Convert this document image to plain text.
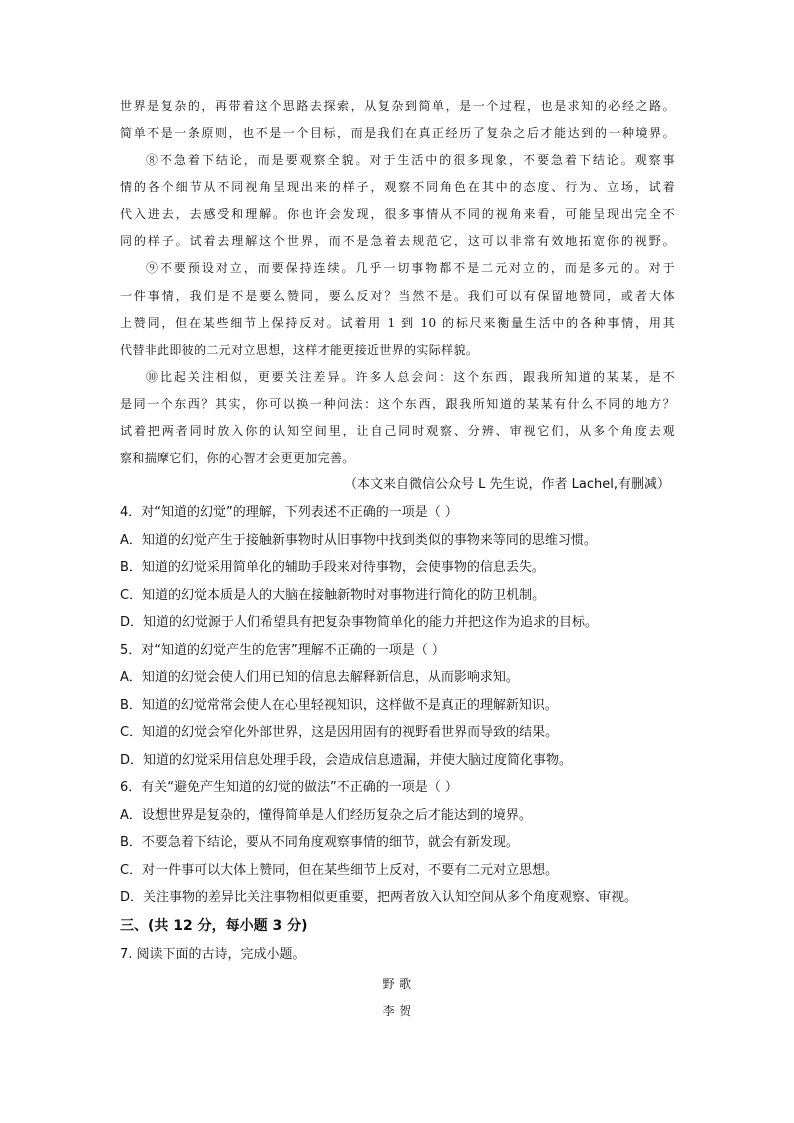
世界是复杂的，再带着这个思路去探索，从复杂到简单，是一个过程，也是求知的必经之路。
简单不是一条原则，也不是一个目标，而是我们在真正经历了复杂之后才能达到的一种境界。
⑧不急着下结论，而是要观察全貌。对于生活中的很多现象，不要急着下结论。观察事
情的各个细节从不同视角呈现出来的样子，观察不同角色在其中的态度、行为、立场，试着
代入进去，去感受和理解。你也许会发现，很多事情从不同的视角来看，可能呈现出完全不
同的样子。试着去理解这个世界，而不是急着去规范它，这可以非常有效地拓宽你的视野。
⑨不要预设对立，而要保持连续。几乎一切事物都不是二元对立的，而是多元的。对于
一件事情，我们是不是要么赞同，要么反对？当然不是。我们可以有保留地赞同，或者大体
上赞同，但在某些细节上保持反对。试着用 1 到 10 的标尺来衡量生活中的各种事情，用其
代替非此即彼的二元对立思想，这样才能更接近世界的实际样貌。
⑩比起关注相似，更要关注差异。许多人总会问：这个东西，跟我所知道的某某，是不
是同一个东西？其实，你可以换一种问法：这个东西，跟我所知道的某某有什么不同的地方？
试着把两者同时放入你的认知空间里，让自己同时观察、分辨、审视它们，从多个角度去观
察和揣摩它们，你的心智才会更更加完善。
（本文来自微信公众号 L 先生说，作者 Lachel,有删减）
4．对“知道的幻觉”的理解，下列表述不正确的一项是（ ）
A．知道的幻觉产生于接触新事物时从旧事物中找到类似的事物来等同的思维习惯。
B．知道的幻觉采用简单化的辅助手段来对待事物，会使事物的信息丢失。
C．知道的幻觉本质是人的大脑在接触新物时对事物进行简化的防卫机制。
D．知道的幻觉源于人们希望具有把复杂事物简单化的能力并把这作为追求的目标。
5．对“知道的幻觉产生的危害”理解不正确的一项是（ ）
A．知道的幻觉会使人们用已知的信息去解释新信息，从而影响求知。
B．知道的幻觉常常会使人在心里轻视知识，这样做不是真正的理解新知识。
C．知道的幻觉会窄化外部世界，这是因用固有的视野看世界而导致的结果。
D．知道的幻觉采用信息处理手段，会造成信息遗漏，并使大脑过度简化事物。
6．有关“避免产生知道的幻觉的做法”不正确的一项是（ ）
A．设想世界是复杂的，懂得简单是人们经历复杂之后才能达到的境界。
B．不要急着下结论，要从不同角度观察事情的细节，就会有新发现。
C．对一件事可以大体上赞同，但在某些细节上反对，不要有二元对立思想。
D．关注事物的差异比关注事物相似更重要，把两者放入认知空间从多个角度观察、审视。
三、(共 12 分，每小题 3 分)
7. 阅读下面的古诗，完成小题。
野 歌
李 贺
